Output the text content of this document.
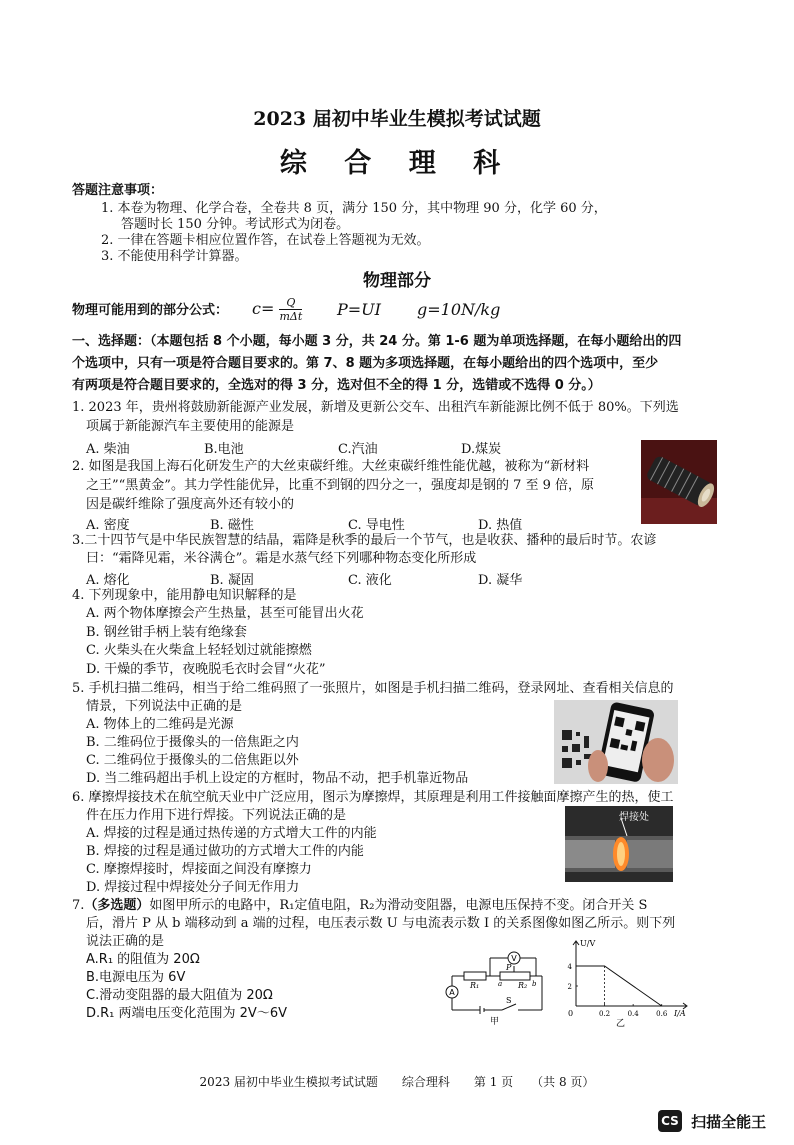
2023 届初中毕业生模拟考试试题
综 合 理 科
答题注意事项：
1. 本卷为物理、化学合卷，全卷共 8 页，满分 150 分，其中物理 90 分，化学 60 分，
答题时长 150 分钟。考试形式为闭卷。
2. 一律在答题卡相应位置作答，在试卷上答题视为无效。
3. 不能使用科学计算器。
物理部分
物理可能用到的部分公式： c=	Q
mΔt P=UI g=10N/kg
一、选择题：（本题包括 8 个小题，每小题 3 分，共 24 分。第 1-6 题为单项选择题，在每小题给出的四
个选项中，只有一项是符合题目要求的。第 7、8 题为多项选择题，在每小题给出的四个选项中，至少
有两项是符合题目要求的，全选对的得 3 分，选对但不全的得 1 分，选错或不选得 0 分。）
1. 2023 年，贵州将鼓励新能源产业发展，新增及更新公交车、出租汽车新能源比例不低于 80%。下列选
项属于新能源汽车主要使用的能源是
A. 柴油	B.电池	C.汽油	D.煤炭
2. 如图是我国上海石化研发生产的大丝束碳纤维。大丝束碳纤维性能优越，被称为“新材料
之王”“黑黄金”。其力学性能优异，比重不到钢的四分之一，强度却是钢的 7 至 9 倍，原
因是碳纤维除了强度高外还有较小的
A. 密度	B. 磁性	C. 导电性	D. 热值
3.二十四节气是中华民族智慧的结晶，霜降是秋季的最后一个节气，也是收获、播种的最后时节。农谚
曰：“霜降见霜，米谷满仓”。霜是水蒸气经下列哪种物态变化所形成
A. 熔化	B. 凝固	C. 液化	D. 凝华
4. 下列现象中，能用静电知识解释的是
A. 两个物体摩擦会产生热量，甚至可能冒出火花
B. 钢丝钳手柄上装有绝缘套
C. 火柴头在火柴盒上轻轻划过就能擦燃
D. 干燥的季节，夜晚脱毛衣时会冒“火花”
5. 手机扫描二维码，相当于给二维码照了一张照片，如图是手机扫描二维码，登录网址、查看相关信息的
情景，下列说法中正确的是
A. 物体上的二维码是光源
B. 二维码位于摄像头的一倍焦距之内
C. 二维码位于摄像头的二倍焦距以外
D. 当二维码超出手机上设定的方框时，物品不动，把手机靠近物品
6. 摩擦焊接技术在航空航天业中广泛应用，图示为摩擦焊，其原理是利用工件接触面摩擦产生的热，使工
件在压力作用下进行焊接。下列说法正确的是
A. 焊接的过程是通过热传递的方式增大工件的内能
B. 焊接的过程是通过做功的方式增大工件的内能
C. 摩擦焊接时，焊接面之间没有摩擦力
D. 焊接过程中焊接处分子间无作用力
焊接处
7.（多选题）如图甲所示的电路中，R₁定值电阻，R₂为滑动变阻器，电源电压保持不变。闭合开关 S
后，滑片 P 从 b 端移动到 a 端的过程，电压表示数 U 与电流表示数 I 的关系图像如图乙所示。则下列
说法正确的是
A.R₁ 的阻值为 20Ω
B.电源电压为 6V
C.滑动变阻器的最大阻值为 20Ω
D.R₁ 两端电压变化范围为 2V～6V
A
V
R₁	R₂
P
a	b
S
甲
U/V
I/A
0
乙
0.2 0.4 0.6
2
4
2023 届初中毕业生模拟考试试题　　综合理科　　第 1 页　　（共 8 页）
CS 扫描全能王
